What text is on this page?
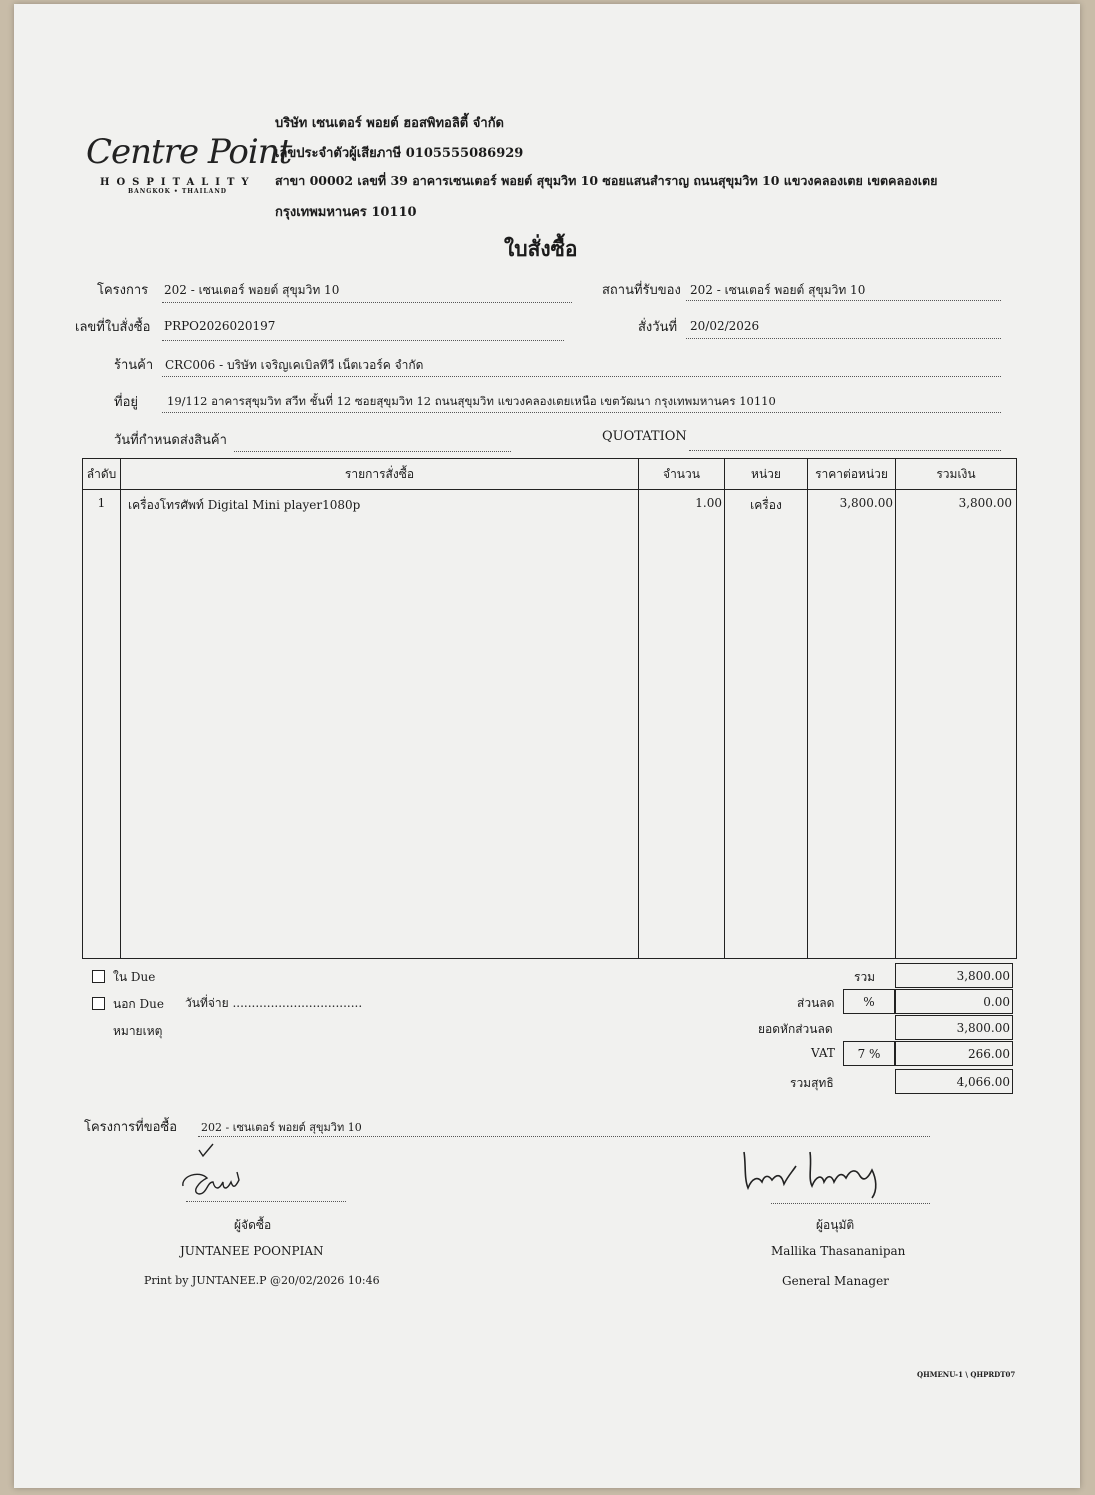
Centre Point
HOSPITALITY
BANGKOK • THAILAND
บริษัท เซนเตอร์ พอยต์ ฮอสพิทอลิตี้ จำกัด
เลขประจำตัวผู้เสียภาษี 0105555086929
สาขา 00002 เลขที่ 39 อาคารเซนเตอร์ พอยต์ สุขุมวิท 10 ซอยแสนสำราญ ถนนสุขุมวิท 10 แขวงคลองเตย เขตคลองเตย
กรุงเทพมหานคร 10110
ใบสั่งซื้อ
โครงการ 202 - เซนเตอร์ พอยต์ สุขุมวิท 10	สถานที่รับของ 202 - เซนเตอร์ พอยต์ สุขุมวิท 10
เลขที่ใบสั่งซื้อ PRPO2026020197	สั่งวันที่ 20/02/2026
ร้านค้า CRC006 - บริษัท เจริญเคเบิลทีวี เน็ตเวอร์ค จำกัด
ที่อยู่	19/112 อาคารสุขุมวิท สวีท ชั้นที่ 12 ซอยสุขุมวิท 12 ถนนสุขุมวิท แขวงคลองเตยเหนือ เขตวัฒนา กรุงเทพมหานคร 10110
วันที่กำหนดส่งสินค้า	QUOTATION
ลำดับ	รายการสั่งซื้อ	จำนวน	หน่วย	ราคาต่อหน่วย	รวมเงิน
1	เครื่องโทรศัพท์ Digital Mini player1080p	1.00	เครื่อง	3,800.00	3,800.00
ใน Due
นอก Due วันที่จ่าย ..................................
หมายเหตุ
รวม	3,800.00
ส่วนลด	%	0.00
ยอดหักส่วนลด	3,800.00
VAT	7 %	266.00
รวมสุทธิ	4,066.00
โครงการที่ขอซื้อ 202 - เซนเตอร์ พอยต์ สุขุมวิท 10
ผู้จัดซื้อ
JUNTANEE POONPIAN
Print by JUNTANEE.P @20/02/2026 10:46
ผู้อนุมัติ
Mallika Thasananipan
General Manager
QHMENU-1 \ QHPRDT07
